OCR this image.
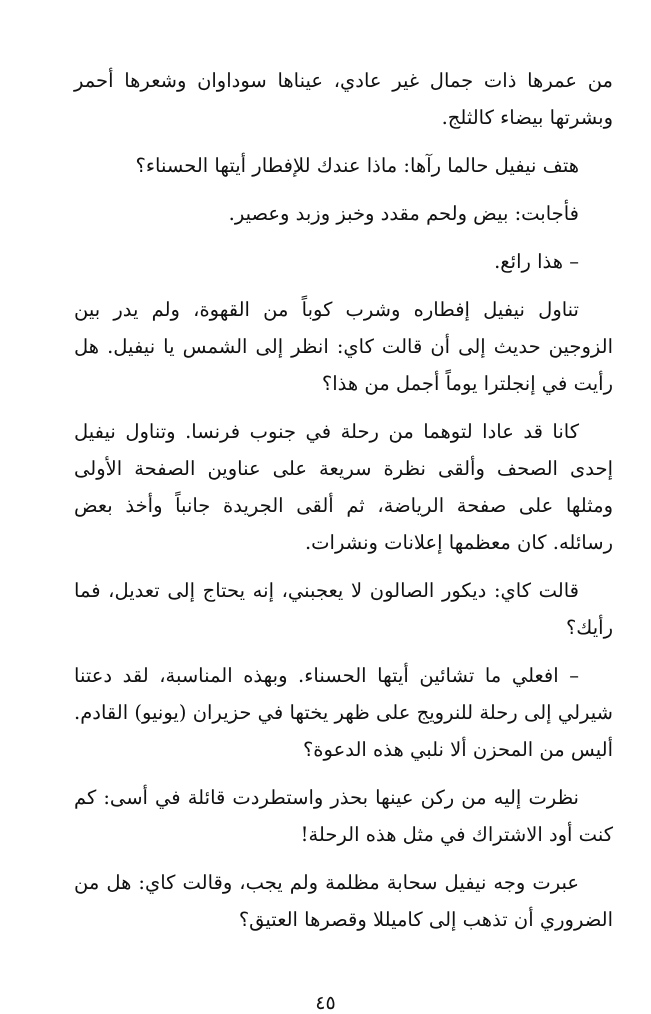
من عمرها ذات جمال غير عادي، عيناها سوداوان وشعرها أحمر وبشرتها بيضاء كالثلج.

هتف نيفيل حالما رآها: ماذا عندك للإفطار أيتها الحسناء؟

فأجابت: بيض ولحم مقدد وخبز وزبد وعصير.

– هذا رائع.

تناول نيفيل إفطاره وشرب كوباً من القهوة، ولم يدر بين الزوجين حديث إلى أن قالت كاي: انظر إلى الشمس يا نيفيل. هل رأيت في إنجلترا يوماً أجمل من هذا؟

كانا قد عادا لتوهما من رحلة في جنوب فرنسا. وتناول نيفيل إحدى الصحف وألقى نظرة سريعة على عناوين الصفحة الأولى ومثلها على صفحة الرياضة، ثم ألقى الجريدة جانباً وأخذ بعض رسائله. كان معظمها إعلانات ونشرات.

قالت كاي: ديكور الصالون لا يعجبني، إنه يحتاج إلى تعديل، فما رأيك؟

– افعلي ما تشائين أيتها الحسناء. وبهذه المناسبة، لقد دعتنا شيرلي إلى رحلة للنرويج على ظهر يختها في حزيران (يونيو) القادم. أليس من المحزن ألا نلبي هذه الدعوة؟

نظرت إليه من ركن عينها بحذر واستطردت قائلة في أسى: كم كنت أود الاشتراك في مثل هذه الرحلة!

عبرت وجه نيفيل سحابة مظلمة ولم يجب، وقالت كاي: هل من الضروري أن تذهب إلى كاميللا وقصرها العتيق؟

٤٥
